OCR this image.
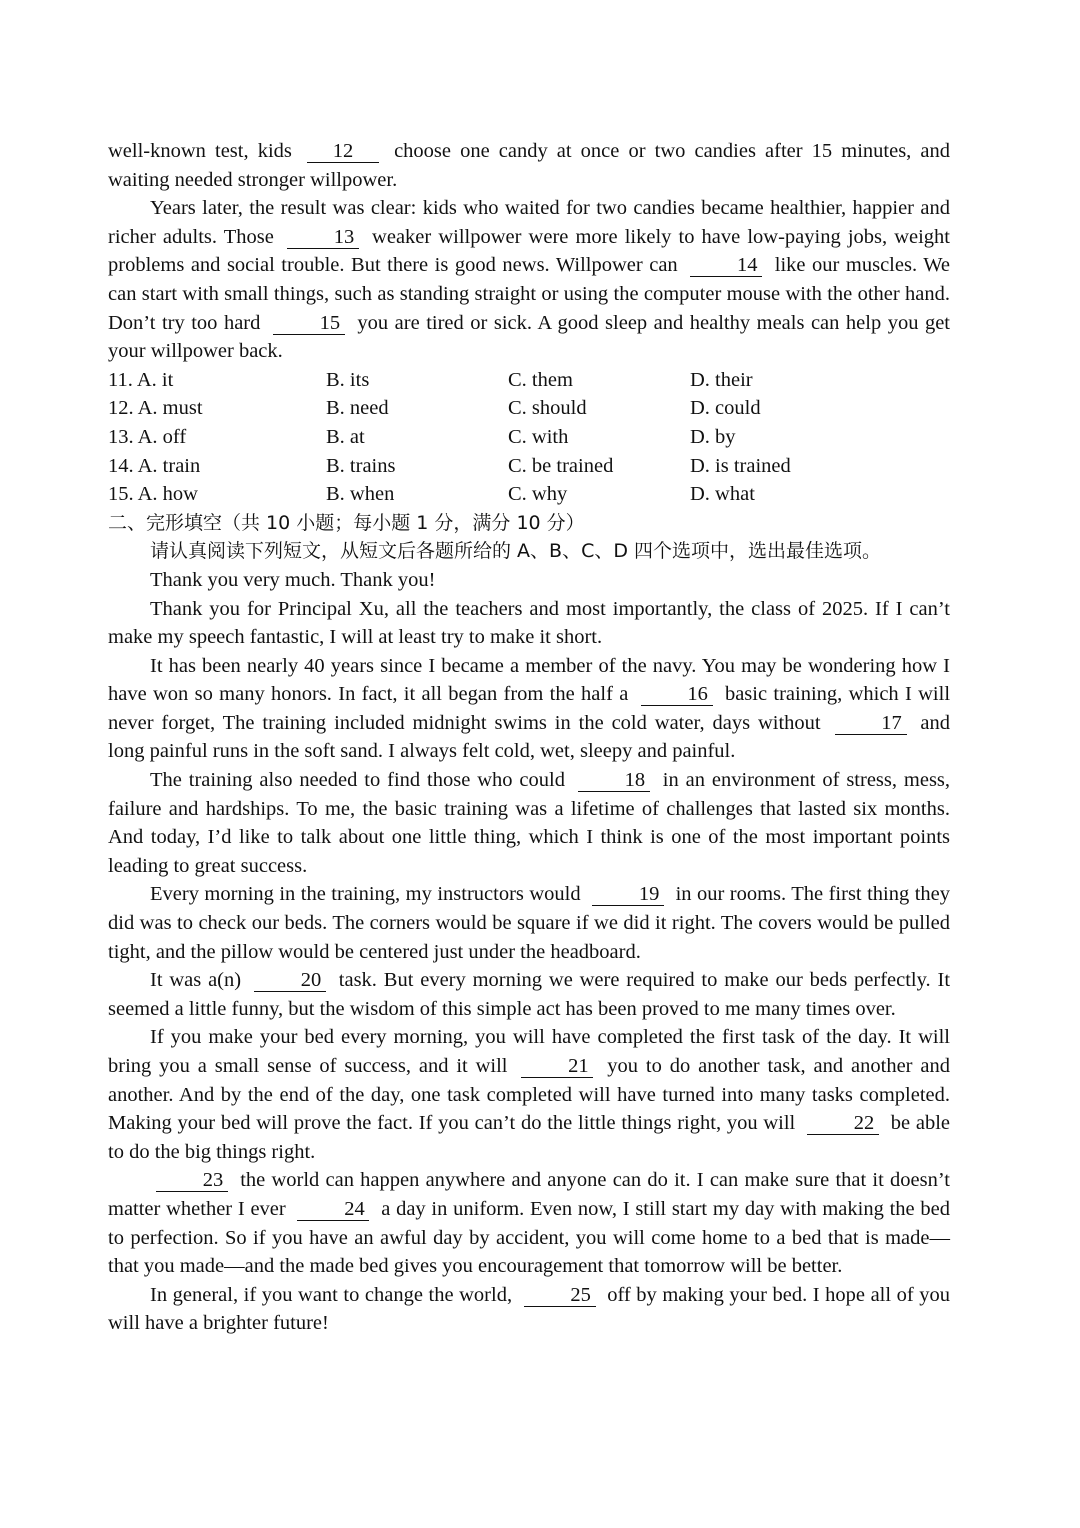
well-known test, kids 12 choose one candy at once or two candies after 15 minutes, and waiting needed stronger willpower.

Years later, the result was clear: kids who waited for two candies became healthier, happier and richer adults. Those	13 weaker willpower were more likely to have low-paying jobs, weight problems and social trouble. But there is good news. Willpower can	14 like our muscles. We can start with small things, such as standing straight or using the computer mouse with the other hand. Don’t try too hard	15 you are tired or sick. A good sleep and healthy meals can help you get your willpower back.

11. A. it	B. its	C. them	D. their
12. A. must	B. need	C. should	D. could
13. A. off	B. at	C. with	D. by
14. A. train	B. trains	C. be trained	D. is trained
15. A. how	B. when	C. why	D. what

二、完形填空（共 10 小题；每小题 1 分，满分 10 分）

请认真阅读下列短文，从短文后各题所给的 A、B、C、D 四个选项中，选出最佳选项。

Thank you very much. Thank you!

Thank you for Principal Xu, all the teachers and most importantly, the class of 2025. If I can’t make my speech fantastic, I will at least try to make it short.

It has been nearly 40 years since I became a member of the navy. You may be wondering how I have won so many honors. In fact, it all began from the half a	16 basic training, which I will never forget, The training included midnight swims in the cold water, days without	17 and long painful runs in the soft sand. I always felt cold, wet, sleepy and painful.

The training also needed to find those who could	18 in an environment of stress, mess, failure and hardships. To me, the basic training was a lifetime of challenges that lasted six months. And today, I’d like to talk about one little thing, which I think is one of the most important points leading to great success.

Every morning in the training, my instructors would	19 in our rooms. The first thing they did was to check our beds. The corners would be square if we did it right. The covers would be pulled tight, and the pillow would be centered just under the headboard.

It was a(n)	20 task. But every morning we were required to make our beds perfectly. It seemed a little funny, but the wisdom of this simple act has been proved to me many times over.

If you make your bed every morning, you will have completed the first task of the day. It will bring you a small sense of success, and it will	21 you to do another task, and another and another. And by the end of the day, one task completed will have turned into many tasks completed. Making your bed will prove the fact. If you can’t do the little things right, you will	22 be able to do the big things right.

23 the world can happen anywhere and anyone can do it. I can make sure that it doesn’t matter whether I ever	24 a day in uniform. Even now, I still start my day with making the bed to perfection. So if you have an awful day by accident, you will come home to a bed that is made—that you made—and the made bed gives you encouragement that tomorrow will be better.

In general, if you want to change the world,	25 off by making your bed. I hope all of you will have a brighter future!
